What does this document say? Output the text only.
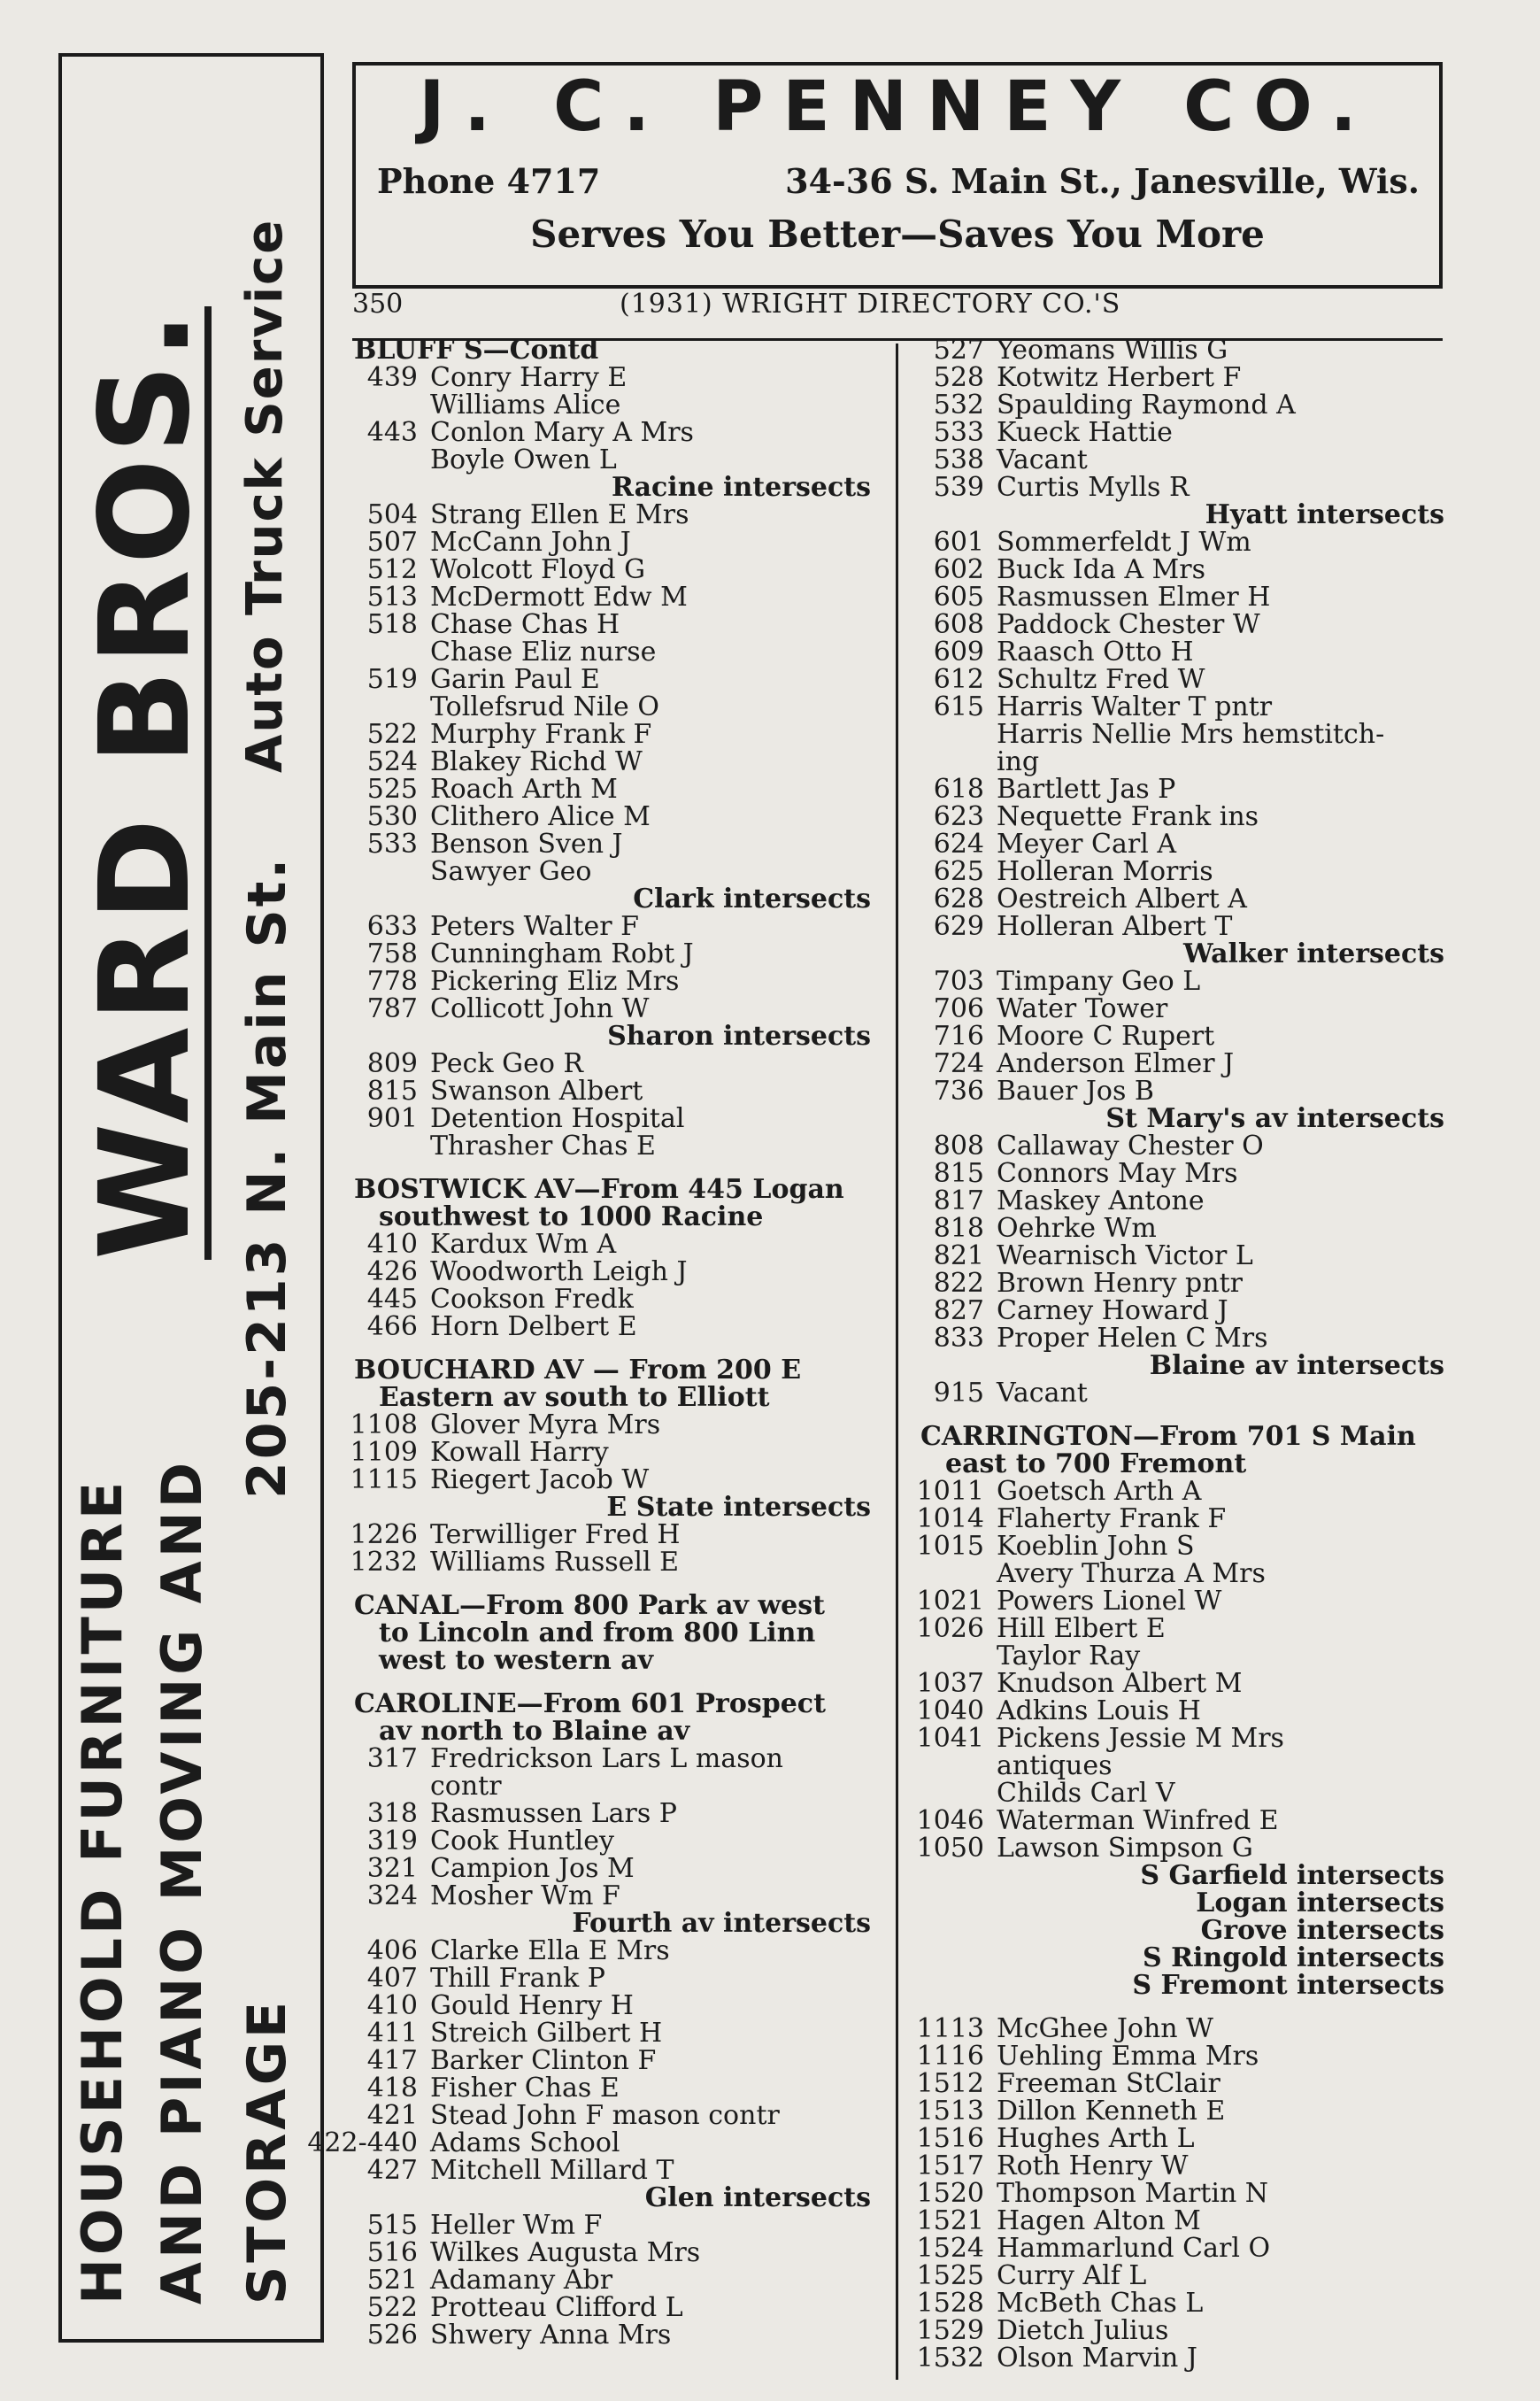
HOUSEHOLD FURNITURE AND PIANO MOVING AND STORAGE
WARD BROS. 205-213 N. Main St.
Auto Truck Service
J. C. PENNEY CO.
Phone 4717	34-36 S. Main St., Janesville, Wis.
Serves You Better—Saves You More
350	(1931) WRIGHT DIRECTORY CO.'S
BLUFF S—Contd
439 Conry Harry E
Williams Alice
443 Conlon Mary A Mrs
Boyle Owen L
Racine intersects
504 Strang Ellen E Mrs
507 McCann John J
512 Wolcott Floyd G
513 McDermott Edw M
518 Chase Chas H
Chase Eliz nurse
519 Garin Paul E
Tollefsrud Nile O
522 Murphy Frank F
524 Blakey Richd W
525 Roach Arth M
530 Clithero Alice M
533 Benson Sven J
Sawyer Geo
Clark intersects
633 Peters Walter F
758 Cunningham Robt J
778 Pickering Eliz Mrs
787 Collicott John W
Sharon intersects
809 Peck Geo R
815 Swanson Albert
901 Detention Hospital
Thrasher Chas E
BOSTWICK AV—From 445 Logan
southwest to 1000 Racine
410 Kardux Wm A
426 Woodworth Leigh J
445 Cookson Fredk
466 Horn Delbert E
BOUCHARD AV — From 200 E
Eastern av south to Elliott
1108 Glover Myra Mrs
1109 Kowall Harry
1115 Riegert Jacob W
E State intersects
1226 Terwilliger Fred H
1232 Williams Russell E
CANAL—From 800 Park av west
to Lincoln and from 800 Linn
west to western av
CAROLINE—From 601 Prospect
av north to Blaine av
317 Fredrickson Lars L mason
contr
318 Rasmussen Lars P
319 Cook Huntley
321 Campion Jos M
324 Mosher Wm F
Fourth av intersects
406 Clarke Ella E Mrs
407 Thill Frank P
410 Gould Henry H
411 Streich Gilbert H
417 Barker Clinton F
418 Fisher Chas E
421 Stead John F mason contr
422-440 Adams School
427 Mitchell Millard T
Glen intersects
515 Heller Wm F
516 Wilkes Augusta Mrs
521 Adamany Abr
522 Protteau Clifford L
526 Shwery Anna Mrs
527 Yeomans Willis G
528 Kotwitz Herbert F
532 Spaulding Raymond A
533 Kueck Hattie
538 Vacant
539 Curtis Mylls R
Hyatt intersects
601 Sommerfeldt J Wm
602 Buck Ida A Mrs
605 Rasmussen Elmer H
608 Paddock Chester W
609 Raasch Otto H
612 Schultz Fred W
615 Harris Walter T pntr
Harris Nellie Mrs hemstitch-
ing
618 Bartlett Jas P
623 Nequette Frank ins
624 Meyer Carl A
625 Holleran Morris
628 Oestreich Albert A
629 Holleran Albert T
Walker intersects
703 Timpany Geo L
706 Water Tower
716 Moore C Rupert
724 Anderson Elmer J
736 Bauer Jos B
St Mary's av intersects
808 Callaway Chester O
815 Connors May Mrs
817 Maskey Antone
818 Oehrke Wm
821 Wearnisch Victor L
822 Brown Henry pntr
827 Carney Howard J
833 Proper Helen C Mrs
Blaine av intersects
915 Vacant
CARRINGTON—From 701 S Main
east to 700 Fremont
1011 Goetsch Arth A
1014 Flaherty Frank F
1015 Koeblin John S
Avery Thurza A Mrs
1021 Powers Lionel W
1026 Hill Elbert E
Taylor Ray
1037 Knudson Albert M
1040 Adkins Louis H
1041 Pickens Jessie M Mrs
antiques
Childs Carl V
1046 Waterman Winfred E
1050 Lawson Simpson G
S Garfield intersects
Logan intersects
Grove intersects
S Ringold intersects
S Fremont intersects
1113 McGhee John W
1116 Uehling Emma Mrs
1512 Freeman StClair
1513 Dillon Kenneth E
1516 Hughes Arth L
1517 Roth Henry W
1520 Thompson Martin N
1521 Hagen Alton M
1524 Hammarlund Carl O
1525 Curry Alf L
1528 McBeth Chas L
1529 Dietch Julius
1532 Olson Marvin J
